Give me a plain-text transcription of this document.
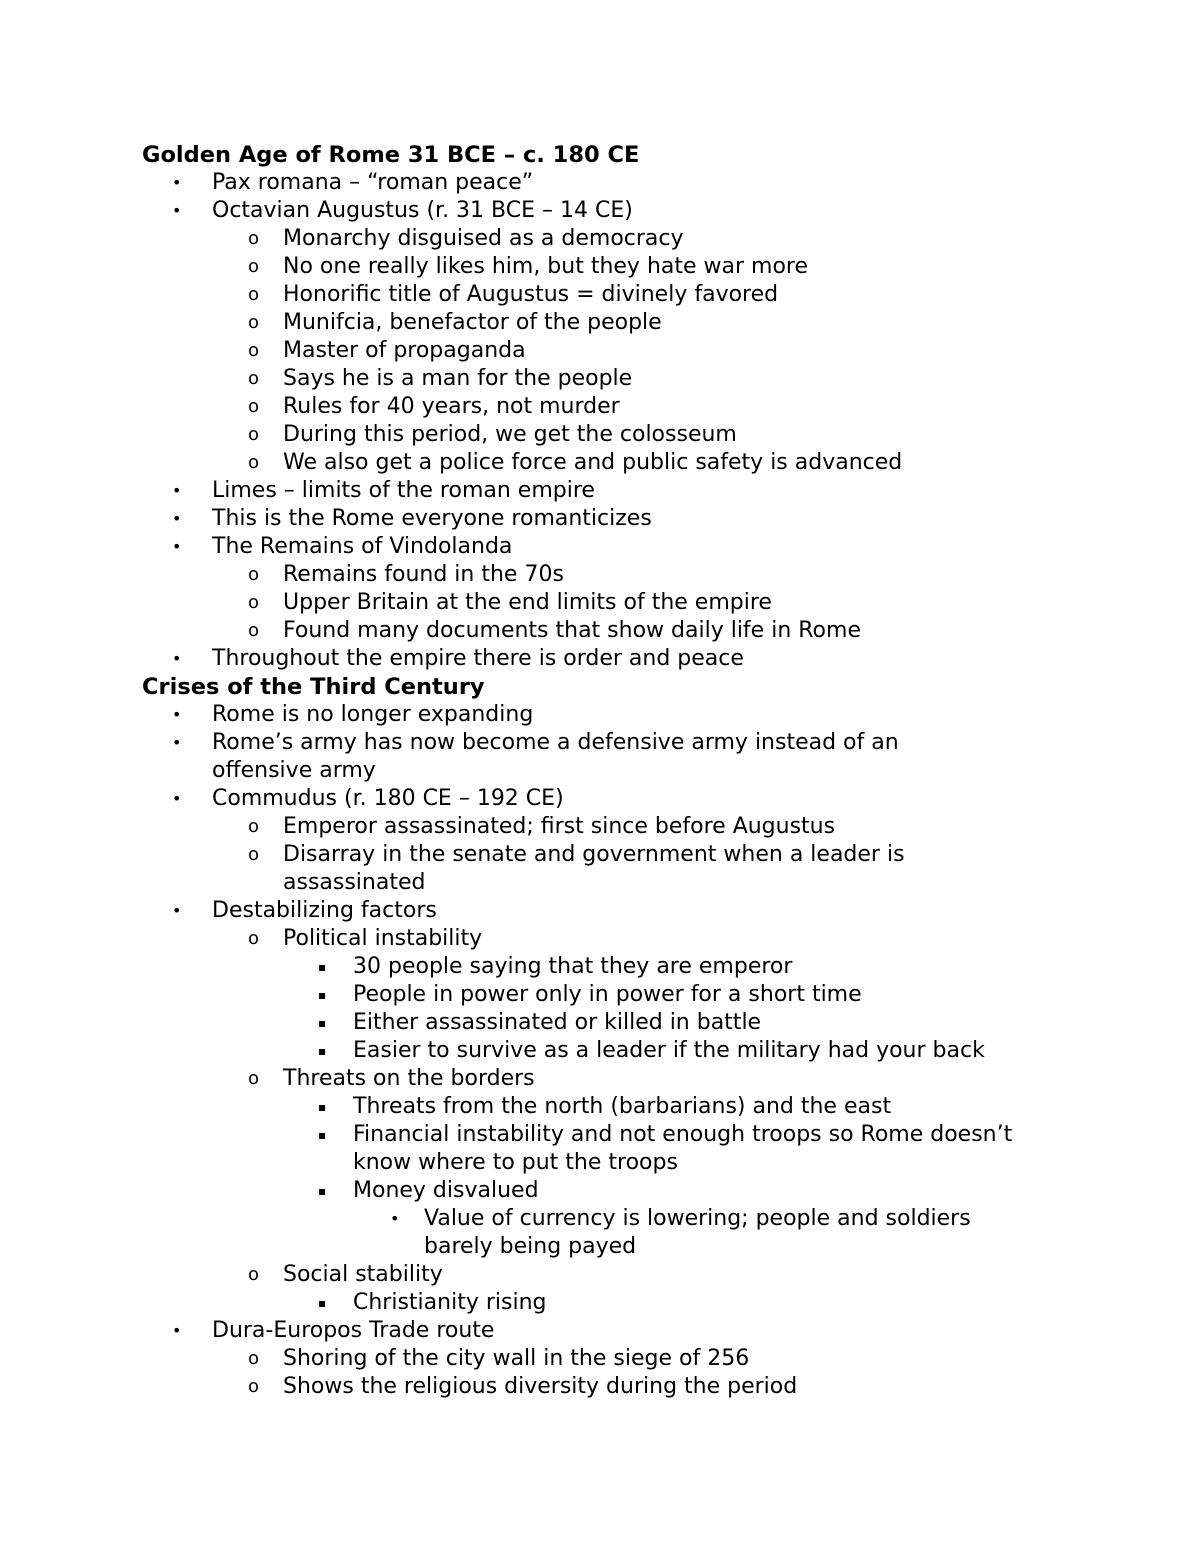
Golden Age of Rome 31 BCE – c. 180 CE
• Pax romana – “roman peace”
• Octavian Augustus (r. 31 BCE – 14 CE)
o Monarchy disguised as a democracy
o No one really likes him, but they hate war more
o Honorific title of Augustus = divinely favored
o Munifcia, benefactor of the people
o Master of propaganda
o Says he is a man for the people
o Rules for 40 years, not murder
o During this period, we get the colosseum
o We also get a police force and public safety is advanced
• Limes – limits of the roman empire
• This is the Rome everyone romanticizes
• The Remains of Vindolanda
o Remains found in the 70s
o Upper Britain at the end limits of the empire
o Found many documents that show daily life in Rome
• Throughout the empire there is order and peace
Crises of the Third Century
• Rome is no longer expanding
• Rome’s army has now become a defensive army instead of an
offensive army
• Commudus (r. 180 CE – 192 CE)
o Emperor assassinated; first since before Augustus
o Disarray in the senate and government when a leader is
assassinated
• Destabilizing factors
o Political instability
▪ 30 people saying that they are emperor
▪ People in power only in power for a short time
▪ Either assassinated or killed in battle
▪ Easier to survive as a leader if the military had your back
o Threats on the borders
▪ Threats from the north (barbarians) and the east
▪ Financial instability and not enough troops so Rome doesn’t
know where to put the troops
▪ Money disvalued
• Value of currency is lowering; people and soldiers
barely being payed
o Social stability
▪ Christianity rising
• Dura-Europos Trade route
o Shoring of the city wall in the siege of 256
o Shows the religious diversity during the period
